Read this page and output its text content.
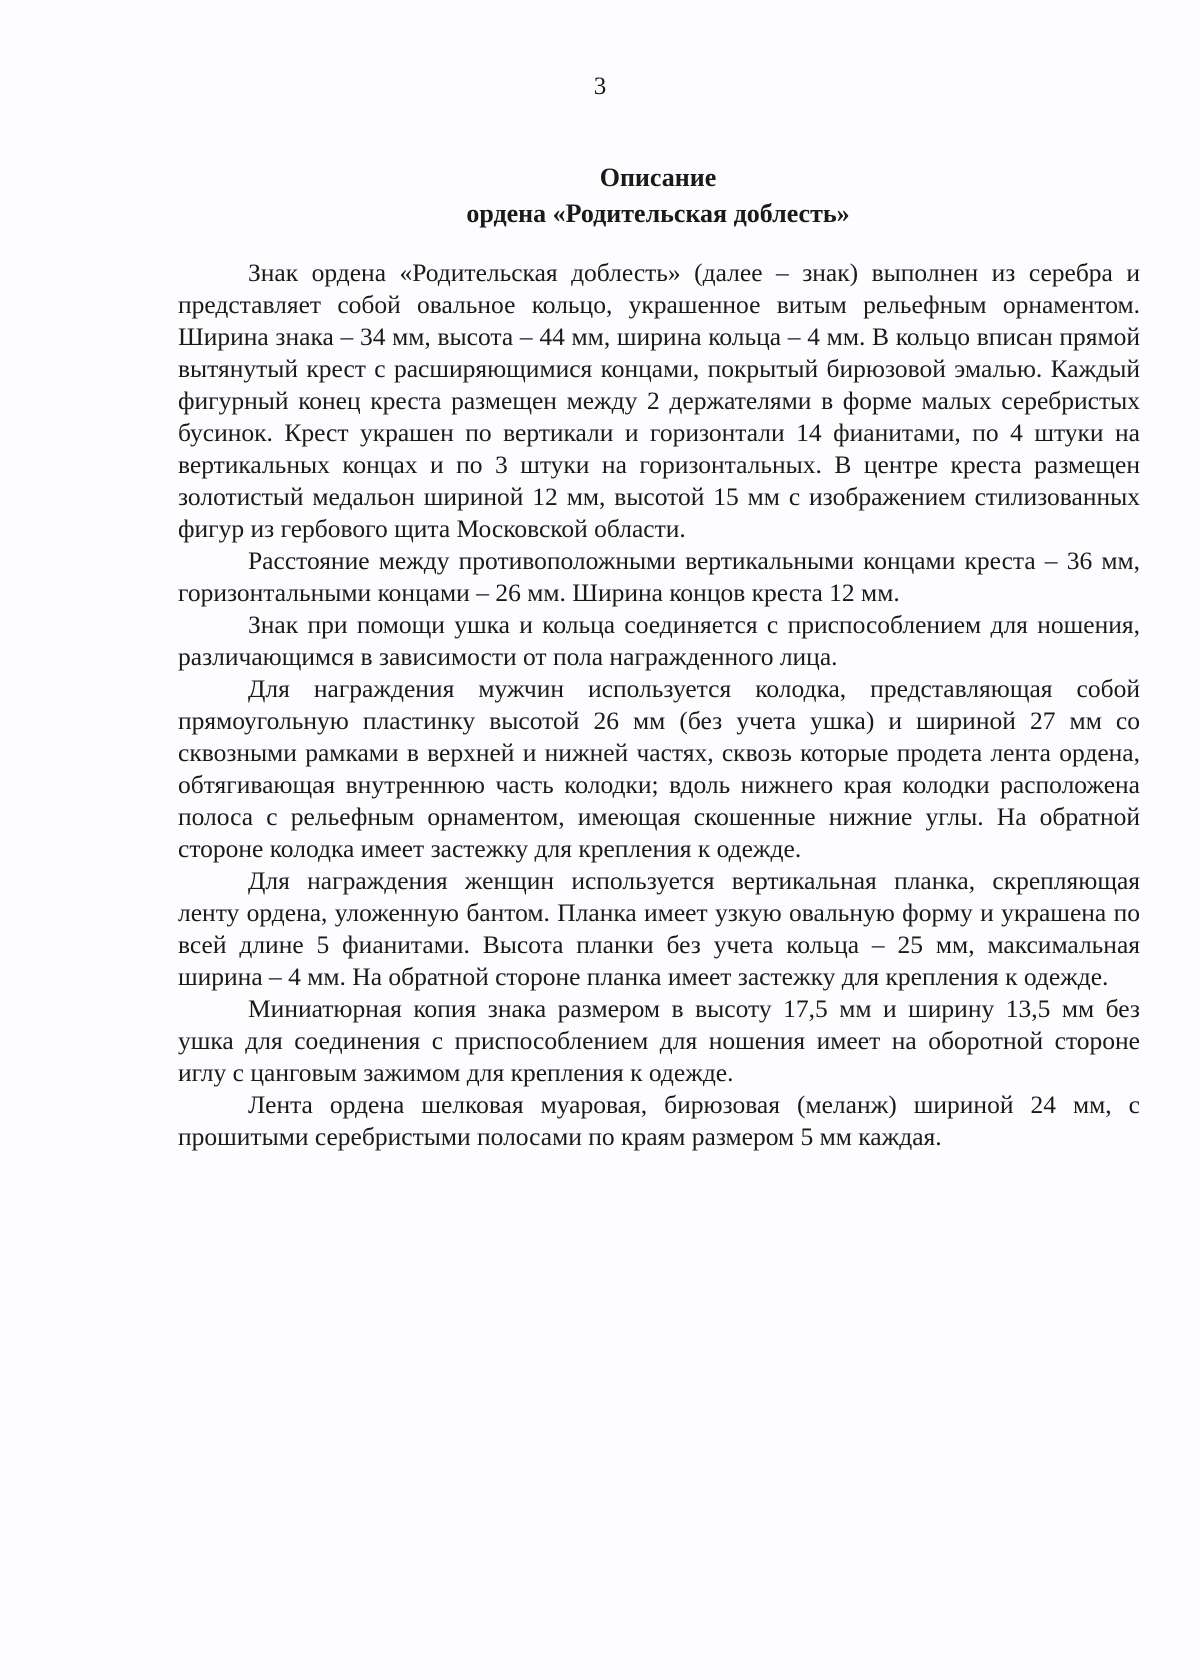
3
Описание
ордена «Родительская доблесть»

Знак ордена «Родительская доблесть» (далее – знак) выполнен из серебра и представляет собой овальное кольцо, украшенное витым рельефным орнаментом. Ширина знака – 34 мм, высота – 44 мм, ширина кольца – 4 мм. В кольцо вписан прямой вытянутый крест с расширяющимися концами, покрытый бирюзовой эмалью. Каждый фигурный конец креста размещен между 2 держателями в форме малых серебристых бусинок. Крест украшен по вертикали и горизонтали 14 фианитами, по 4 штуки на вертикальных концах и по 3 штуки на горизонтальных. В центре креста размещен золотистый медальон шириной 12 мм, высотой 15 мм с изображением стилизованных фигур из гербового щита Московской области.

Расстояние между противоположными вертикальными концами креста – 36 мм, горизонтальными концами – 26 мм. Ширина концов креста 12 мм.

Знак при помощи ушка и кольца соединяется с приспособлением для ношения, различающимся в зависимости от пола награжденного лица.

Для награждения мужчин используется колодка, представляющая собой прямоугольную пластинку высотой 26 мм (без учета ушка) и шириной 27 мм со сквозными рамками в верхней и нижней частях, сквозь которые продета лента ордена, обтягивающая внутреннюю часть колодки; вдоль нижнего края колодки расположена полоса с рельефным орнаментом, имеющая скошенные нижние углы. На обратной стороне колодка имеет застежку для крепления к одежде.

Для награждения женщин используется вертикальная планка, скрепляющая ленту ордена, уложенную бантом. Планка имеет узкую овальную форму и украшена по всей длине 5 фианитами. Высота планки без учета кольца – 25 мм, максимальная ширина – 4 мм. На обратной стороне планка имеет застежку для крепления к одежде.

Миниатюрная копия знака размером в высоту 17,5 мм и ширину 13,5 мм без ушка для соединения с приспособлением для ношения имеет на оборотной стороне иглу с цанговым зажимом для крепления к одежде.

Лента ордена шелковая муаровая, бирюзовая (меланж) шириной 24 мм, с прошитыми серебристыми полосами по краям размером 5 мм каждая.
